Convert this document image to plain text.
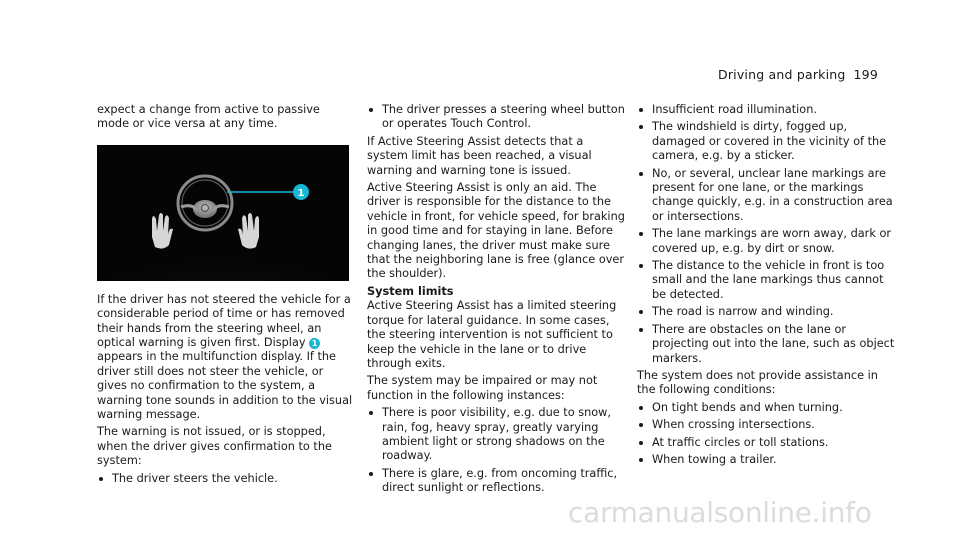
Driving and parking 199

expect a change from active to passive mode or vice versa at any time.

1

If the driver has not steered the vehicle for a considerable period of time or has removed their hands from the steering wheel, an optical warning is given first. Display 1 appears in the multifunction display. If the driver still does not steer the vehicle, or gives no confirmation to the system, a warning tone sounds in addition to the visual warning message.

The warning is not issued, or is stopped, when the driver gives confirmation to the system:

The driver steers the vehicle.
The driver presses a steering wheel button or operates Touch Control.

If Active Steering Assist detects that a system limit has been reached, a visual warning and warning tone is issued.

Active Steering Assist is only an aid. The driver is responsible for the distance to the vehicle in front, for vehicle speed, for braking in good time and for staying in lane. Before changing lanes, the driver must make sure that the neighboring lane is free (glance over the shoulder).

System limits

Active Steering Assist has a limited steering torque for lateral guidance. In some cases, the steering intervention is not sufficient to keep the vehicle in the lane or to drive through exits.

The system may be impaired or may not function in the following instances:

There is poor visibility, e.g. due to snow, rain, fog, heavy spray, greatly varying ambient light or strong shadows on the roadway.
There is glare, e.g. from oncoming traffic, direct sunlight or reflections.
Insufficient road illumination.
The windshield is dirty, fogged up, damaged or covered in the vicinity of the camera, e.g. by a sticker.
No, or several, unclear lane markings are present for one lane, or the markings change quickly, e.g. in a construction area or intersections.
The lane markings are worn away, dark or covered up, e.g. by dirt or snow.
The distance to the vehicle in front is too small and the lane markings thus cannot be detected.
The road is narrow and winding.
There are obstacles on the lane or projecting out into the lane, such as object markers.

The system does not provide assistance in the following conditions:

On tight bends and when turning.
When crossing intersections.
At traffic circles or toll stations.
When towing a trailer.
carmanualsonline.info
